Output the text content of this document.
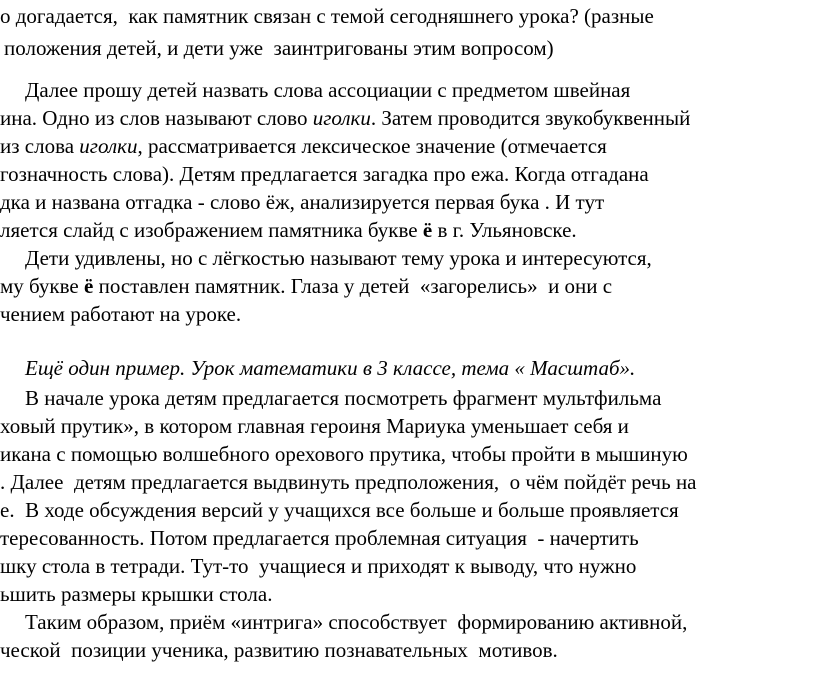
о догадается,  как памятник связан с темой сегодняшнего урока? (разные
положения детей, и дети уже  заинтригованы этим вопросом)
Далее прошу детей назвать слова ассоциации с предметом швейная
ина. Одно из слов называют слово иголки. Затем проводится звукобуквенный
из слова иголки, рассматривается лексическое значение (отмечается
гозначность слова). Детям предлагается загадка про ежа. Когда отгадана
дка и названа отгадка - слово ёж, анализируется первая бука . И тут
ляется слайд с изображением памятника букве ё в г. Ульяновске.
Дети удивлены, но с лёгкостью называют тему урока и интересуются,
му букве ё поставлен памятник. Глаза у детей  «загорелись»  и они с
чением работают на уроке.
Ещё один пример. Урок математики в 3 классе, тема « Масштаб».
В начале урока детям предлагается посмотреть фрагмент мультфильма
ховый прутик», в котором главная героиня Мариука уменьшает себя и
икана с помощью волшебного орехового прутика, чтобы пройти в мышиную
. Далее  детям предлагается выдвинуть предположения,  о чём пойдёт речь на
е.  В ходе обсуждения версий у учащихся все больше и больше проявляется
тересованность. Потом предлагается проблемная ситуация  - начертить
шку стола в тетради. Тут-то  учащиеся и приходят к выводу, что нужно
ьшить размеры крышки стола.
Таким образом, приём «интрига» способствует  формированию активной,
ческой  позиции ученика, развитию познавательных  мотивов.
